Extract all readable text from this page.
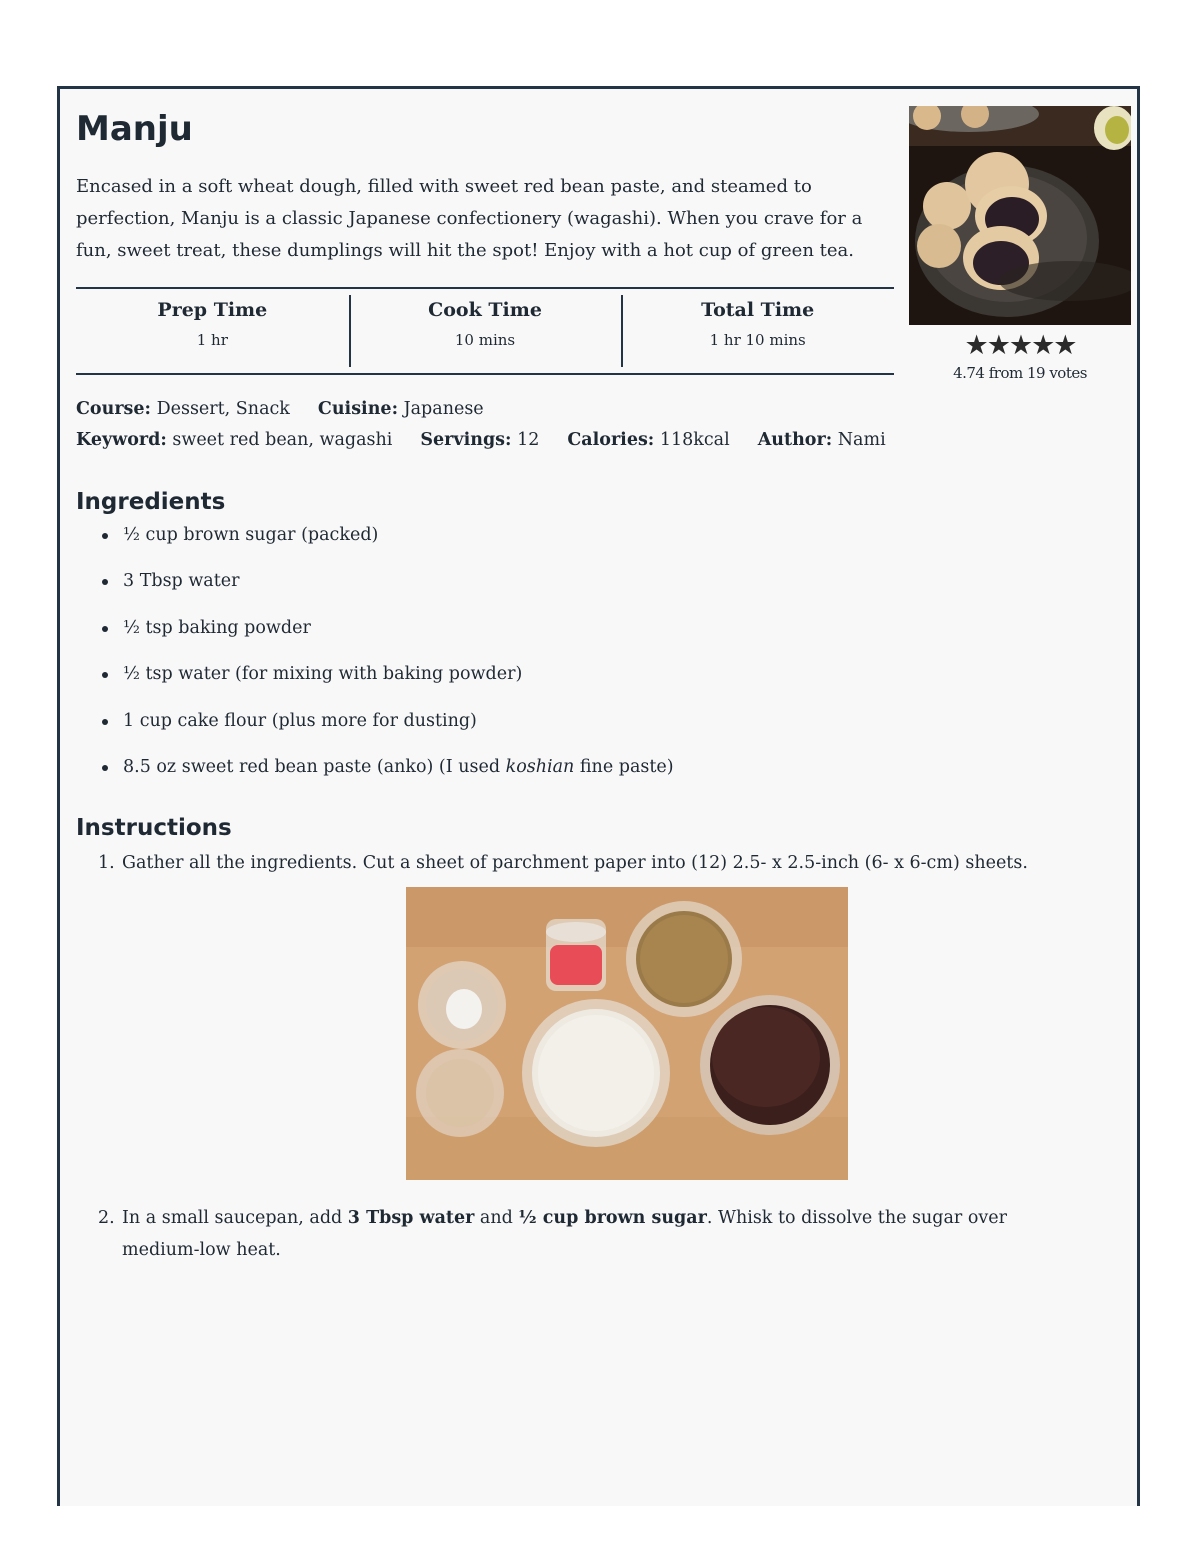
Manju

Encased in a soft wheat dough, filled with sweet red bean paste, and steamed to perfection, Manju is a classic Japanese confectionery (wagashi). When you crave for a fun, sweet treat, these dumplings will hit the spot! Enjoy with a hot cup of green tea.

Prep Time
1 hr
Cook Time
10 mins
Total Time
1 hr 10 mins	★★★★★
4.74 from 19 votes
Course: Dessert, Snack Cuisine: Japanese
Keyword: sweet red bean, wagashi Servings: 12 Calories: 118kcal Author: Nami
Ingredients
½ cup brown sugar (packed)
3 Tbsp water
½ tsp baking powder
½ tsp water (for mixing with baking powder)
1 cup cake flour (plus more for dusting)
8.5 oz sweet red bean paste (anko) (I used koshian fine paste)
Instructions
1. Gather all the ingredients. Cut a sheet of parchment paper into (12) 2.5- x 2.5-inch (6- x 6-cm) sheets.
2. In a small saucepan, add 3 Tbsp water and ½ cup brown sugar. Whisk to dissolve the sugar over medium-low heat.
